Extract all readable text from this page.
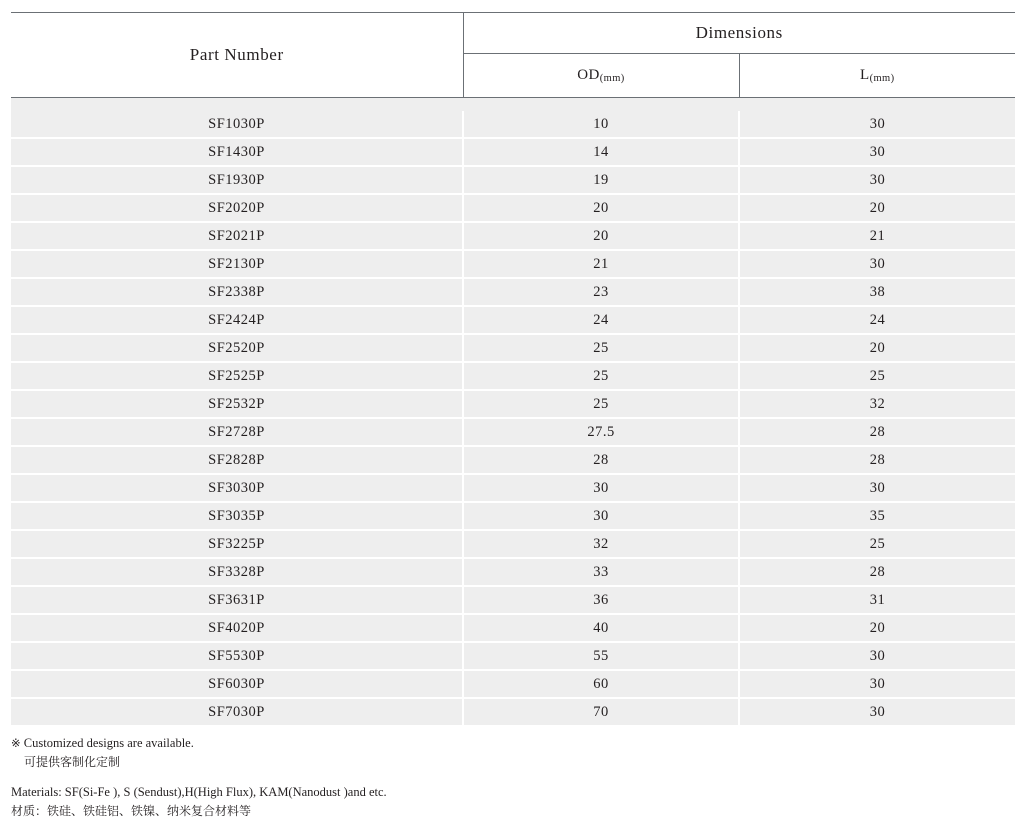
Part Number	Dimensions	
	OD(mm)	L(mm)

SF1030P	10	30
SF1430P	14	30
SF1930P	19	30
SF2020P	20	20
SF2021P	20	21
SF2130P	21	30
SF2338P	23	38
SF2424P	24	24
SF2520P	25	20
SF2525P	25	25
SF2532P	25	32
SF2728P	27.5	28
SF2828P	28	28
SF3030P	30	30
SF3035P	30	35
SF3225P	32	25
SF3328P	33	28
SF3631P	36	31
SF4020P	40	20
SF5530P	55	30
SF6030P	60	30
SF7030P	70	30
※ Customized designs are available.
可提供客制化定制
Materials: SF(Si-Fe ), S (Sendust),H(High Flux), KAM(Nanodust )and etc.
材质：铁硅、铁硅铝、铁镍、纳米复合材料等
